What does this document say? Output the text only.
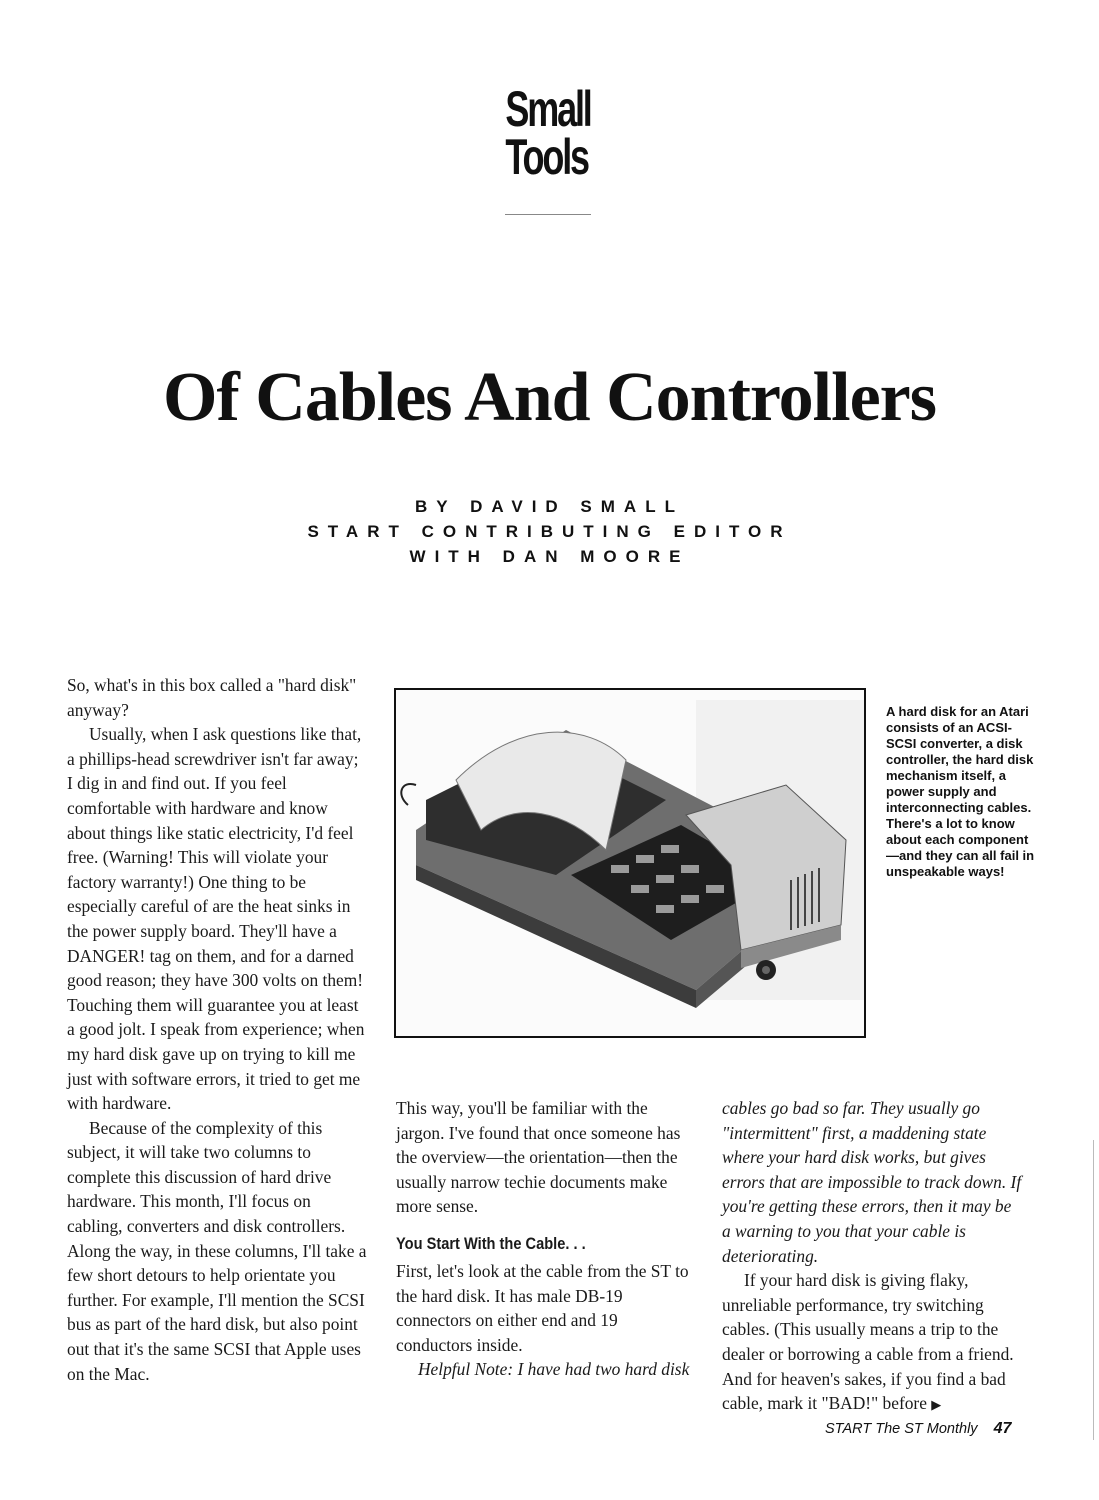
Small
Tools
Of Cables And Controllers
BY DAVID SMALL
START CONTRIBUTING EDITOR
WITH DAN MOORE

So, what's in this box called a "hard disk" anyway?

Usually, when I ask questions like that, a phillips-head screwdriver isn't far away; I dig in and find out. If you feel comfortable with hardware and know about things like static electricity, I'd feel free. (Warning! This will violate your factory warranty!) One thing to be especially careful of are the heat sinks in the power supply board. They'll have a DANGER! tag on them, and for a darned good reason; they have 300 volts on them! Touching them will guarantee you at least a good jolt. I speak from experience; when my hard disk gave up on trying to kill me just with software errors, it tried to get me with hardware.

Because of the complexity of this subject, it will take two columns to complete this discussion of hard drive hardware. This month, I'll focus on cabling, converters and disk controllers. Along the way, in these columns, I'll take a few short detours to help orientate you further. For example, I'll mention the SCSI bus as part of the hard disk, but also point out that it's the same SCSI that Apple uses on the Mac.

A hard disk for an Atari consists of an ACSI-SCSI converter, a disk controller, the hard disk mechanism itself, a power supply and interconnecting cables. There's a lot to know about each component—and they can all fail in unspeakable ways!

This way, you'll be familiar with the jargon. I've found that once someone has the overview—the orientation—then the usually narrow techie documents make more sense.

You Start With the Cable. . .

First, let's look at the cable from the ST to the hard disk. It has male DB-19 connectors on either end and 19 conductors inside.

Helpful Note: I have had two hard disk

cables go bad so far. They usually go "intermittent" first, a maddening state where your hard disk works, but gives errors that are impossible to track down. If you're getting these errors, then it may be a warning to you that your cable is deteriorating.

If your hard disk is giving flaky, unreliable performance, try switching cables. (This usually means a trip to the dealer or borrowing a cable from a friend. And for heaven's sakes, if you find a bad cable, mark it "BAD!" before ▶

START The ST Monthly 47
